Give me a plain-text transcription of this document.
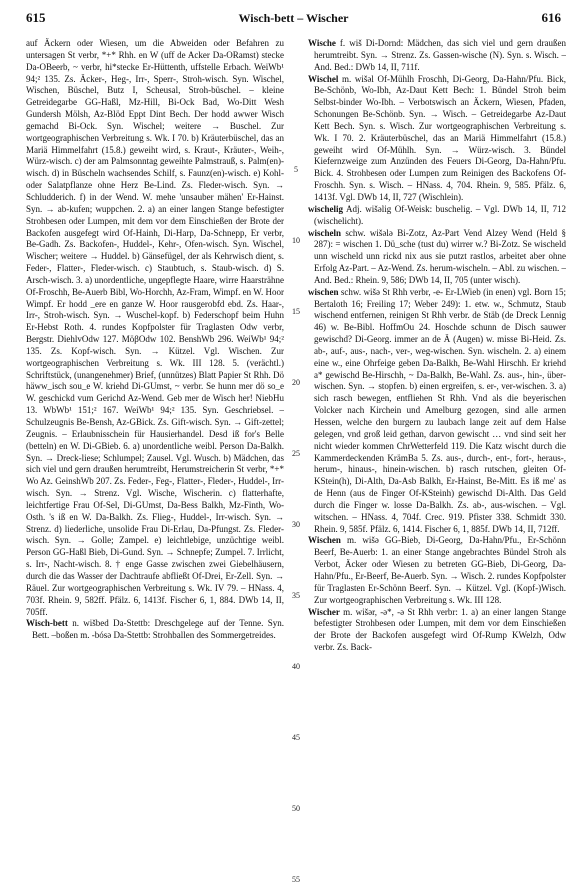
615	Wisch-bett – Wischer	616

auf Äckern oder Wiesen, um die Abweiden oder Befahren zu untersagen St verbr, *+* Rhh. en W (uff de Acker Da-ORamst) stecke Da-OBeerb, ~ verbr, hi*stecke Er-Hüttenth, uffstelle Erbach. WeiWb¹ 94;² 135. Zs. Äcker-, Heg-, Irr-, Sperr-, Stroh-wisch. Syn. Wischel, Wischen, Büschel, Butz I, Scheusal, Stroh-büschel. – kleine Getreidegarbe GG-Haßl, Mz-Hill, Bi-Ock Bad, Wo-Ditt Wesh Gundersh Mölsh, Az-Blöd Eppt Dint Bech. Der hodd awwer Wisch gemachd Bi-Ock. Syn. Wischel; weitere → Buschel. Zur wortgeographischen Verbreitung s. Wk. I 70. b) Kräuterbüschel, das an Mariä Himmelfahrt (15.8.) geweiht wird, s. Kraut-, Kräuter-, Weih-, Würz-wisch. c) der am Palmsonntag geweihte Palmstrauß, s. Palm(en)-wisch. d) in Büscheln wachsendes Schilf, s. Faunz(en)-wisch. e) Kohl- oder Salatpflanze ohne Herz Be-Lind. Zs. Fleder-wisch. Syn. → Schludderich. f) in der Wend. W. mehe 'unsauber mähen' Er-Hainst. Syn. → ab-kufen; wuppchen. 2. a) an einer langen Stange befestigter Strohbesen oder Lumpen, mit dem vor dem Einschießen der Brote der Backofen ausgefegt wird Of-Hainh, Di-Harp, Da-Schnepp, Er verbr, Be-Gadh. Zs. Backofen-, Huddel-, Kehr-, Ofen-wisch. Syn. Wischel, Wischer; weitere → Huddel. b) Gänsefügel, der als Kehrwisch dient, s. Feder-, Flatter-, Fleder-wisch. c) Staubtuch, s. Staub-wisch. d) S. Arsch-wisch. 3. a) unordentliche, ungepflegte Haare, wirre Haarsträhne Of-Froschh, Be-Auerb Bibl, Wo-Horchh, Az-Fram, Wimpf. en W. Hoor Wimpf. Er hodd _ere en ganze W. Hoor rausgerobfd ebd. Zs. Haar-, Irr-, Stroh-wisch. Syn. → Wuschel-kopf. b) Federschopf beim Huhn Er-Hebst Roth. 4. rundes Kopfpolster für Traglasten Odw verbr, Bergstr. DiehlvOdw 127. MöβOdw 102. BenshWb 296. WeiWb¹ 94;² 135. Zs. Kopf-wisch. Syn. → Kützel. Vgl. Wischen. Zur wortgeographischen Verbreitung s. Wk. III 128. 5. (verächtl.) Schriftstück, (unangenehmer) Brief, (unnützes) Blatt Papier St Rhh. Dö häww_isch sou_e W. kriehd Di-GUmst, ~ verbr. Se hunn mer dö so_e W. geschickd vum Gerichd Az-Wend. Geb mer de Wisch her! NiebHu 13. WbWb¹ 151;² 167. WeiWb¹ 94;² 135. Syn. Geschriebsel. – Schulzeugnis Be-Bensh, Az-GBick. Zs. Gift-wisch. Syn. → Gift-zettel; Zeugnis. – Erlaubnisschein für Hausierhandel. Desd iß for's Belle (betteln) en W. Di-GBieb. 6. a) unordentliche weibl. Person Da-Balkh. Syn. → Dreck-liese; Schlumpel; Zausel. Vgl. Wusch. b) Mädchen, das sich viel und gern draußen herumtreibt, Herumstreicherin St verbr, *+* Wo Az. GeinshWb 207. Zs. Feder-, Feg-, Flatter-, Fleder-, Huddel-, Irr-wisch. Syn. → Strenz. Vgl. Wische, Wischerin. c) flatterhafte, leichtfertige Frau Of-Sel, Di-GUmst, Da-Bess Balkh, Mz-Finth, Wo-Osth. 's iß en W. Da-Balkh. Zs. Flieg-, Huddel-, Irr-wisch. Syn. → Strenz. d) liederliche, unsolide Frau Di-Erlau, Da-Pfungst. Zs. Fleder-wisch. Syn. → Golle; Zampel. e) leichtlebige, unzüchtige weibl. Person GG-Haßl Bieb, Di-Gund. Syn. → Schnepfe; Zumpel. 7. Irrlicht, s. Irr-, Nacht-wisch. 8. † enge Gasse zwischen zwei Giebelhäusern, durch die das Wasser der Dachtraufe abfließt Of-Drei, Er-Zell. Syn. → Räuel. Zur wortgeographischen Verbreitung s. Wk. IV 79. – HNass. 4, 703f. Rhein. 9, 582ff. Pfälz. 6, 1413f. Fischer 6, 1, 884. DWb 14, II, 705ff.

Wisch-bett n. wišbed Da-Stettb: Dreschgelege auf der Tenne. Syn. Bett. –boßen m. -bósə Da-Stettb: Strohballen des Sommergetreides.

5
10
15
20
25
30
35
40
45
50
55

Wische f. wiš Di-Dornd: Mädchen, das sich viel und gern draußen herumtreibt. Syn. → Strenz. Zs. Gassen-wische (N). Syn. s. Wisch. – And. Bed.: DWb 14, II, 711f.

Wischel m. wišəl Of-Mühlh Froschh, Di-Georg, Da-Hahn/Pfu. Bick, Be-Schönb, Wo-Ibh, Az-Daut Kett Bech: 1. Bündel Stroh beim Selbst-binder Wo-Ibh. – Verbotswisch an Äckern, Wiesen, Pfaden, Schonungen Be-Schönb. Syn. → Wisch. – Getreidegarbe Az-Daut Kett Bech. Syn. s. Wisch. Zur wortgeographischen Verbreitung s. Wk. I 70. 2. Kräuterbüschel, das an Mariä Himmelfahrt (15.8.) geweiht wird Of-Mühlh. Syn. → Würz-wisch. 3. Bündel Kiefernzweige zum Anzünden des Feuers Di-Georg, Da-Hahn/Pfu. Bick. 4. Strohbesen oder Lumpen zum Reinigen des Backofens Of-Froschh. Syn. s. Wisch. – HNass. 4, 704. Rhein. 9, 585. Pfälz. 6, 1413f. Vgl. DWb 14, II, 727 (Wischlein).

wischelig Adj. wišəlig Of-Weisk: buschelig. – Vgl. DWb 14, II, 712 (wischelicht).

wischeln schw. wišələ Bi-Zotz, Az-Part Vend Alzey Wend (Held § 287): = wischen 1. Dü_sche (tust du) wirrer w.? Bi-Zotz. Se wischeld unn wischeld unn rickd nix aus sie putzt rastlos, arbeitet aber ohne Erfolg Az-Part. – Az-Wend. Zs. herum-wischeln. – Abl. zu wischen. – And. Bed.: Rhein. 9, 586; DWb 14, II, 705 (unter wisch).

wischen schw. wišə St Rhh verbr, -e- Er-LWieb (in enen) vgl. Born 15; Bertaloth 16; Freiling 17; Weber 249): 1. etw. w., Schmutz, Staub wischend entfernen, reinigen St Rhh verbr. de Stäb (de Dreck Lennig 46) w. Be-Bibl. HoffmOu 24. Hoschde schunn de Disch sauwer gewischd? Di-Georg. immer an de Ä (Augen) w. misse Bi-Heid. Zs. ab-, auf-, aus-, nach-, ver-, weg-wischen. Syn. wischeln. 2. a) einem eine w., eine Ohrfeige geben Da-Balkh, Be-Wahl Hirschh. Er kriehd a* gewischd Be-Hirschh, ~ Da-Balkh, Be-Wahl. Zs. aus-, hin-, über-wischen. Syn. → stopfen. b) einen ergreifen, s. er-, ver-wischen. 3. a) sich rasch bewegen, entfliehen St Rhh. Vnd als die beyerischen Volcker nach Kirchein und Amelburg gezogen, sind alle armen Hessen, welche den burgern zu laubach lange zeit auf dem Halse gelegen, vnd groß leid gethan, darvon gewischt … vnd sind seit her nicht wieder kommen ChrWetterfeld 119. Die Katz wischt durch die Kammerdeckenden KrämBa 5. Zs. aus-, durch-, ent-, fort-, heraus-, herum-, hinaus-, hinein-wischen. b) rasch rutschen, gleiten Of-KStein(h), Di-Alth, Da-Asb Balkh, Er-Hainst, Be-Mitt. Es iß me' as de Henn (aus de Finger Of-KSteinh) gewischd Di-Alth. Das Geld durch die Finger w. losse Da-Balkh. Zs. ab-, aus-wischen. – Vgl. witschen. – HNass. 4, 704f. Crec. 919. Pfister 338. Schmidt 330. Rhein. 9, 585f. Pfälz. 6, 1414. Fischer 6, 1, 885f. DWb 14, II, 712ff.

Wischen m. wišə GG-Bieb, Di-Georg, Da-Hahn/Pfu., Er-Schönn Beerf, Be-Auerb: 1. an einer Stange angebrachtes Bündel Stroh als Verbot, Äcker oder Wiesen zu betreten GG-Bieb, Di-Georg, Da-Hahn/Pfu., Er-Beerf, Be-Auerb. Syn. → Wisch. 2. rundes Kopfpolster für Traglasten Er-Schönn Beerf. Syn. → Kützel. Vgl. (Kopf-)Wisch. Zur wortgeographischen Verbreitung s. Wk. III 128.

Wischer m. wišər, -ə*, -ə St Rhh verbr: 1. a) an einer langen Stange befestigter Strohbesen oder Lumpen, mit dem vor dem Einschießen der Brote der Backofen ausgefegt wird Of-Rump KWelzh, Odw verbr. Zs. Back-
